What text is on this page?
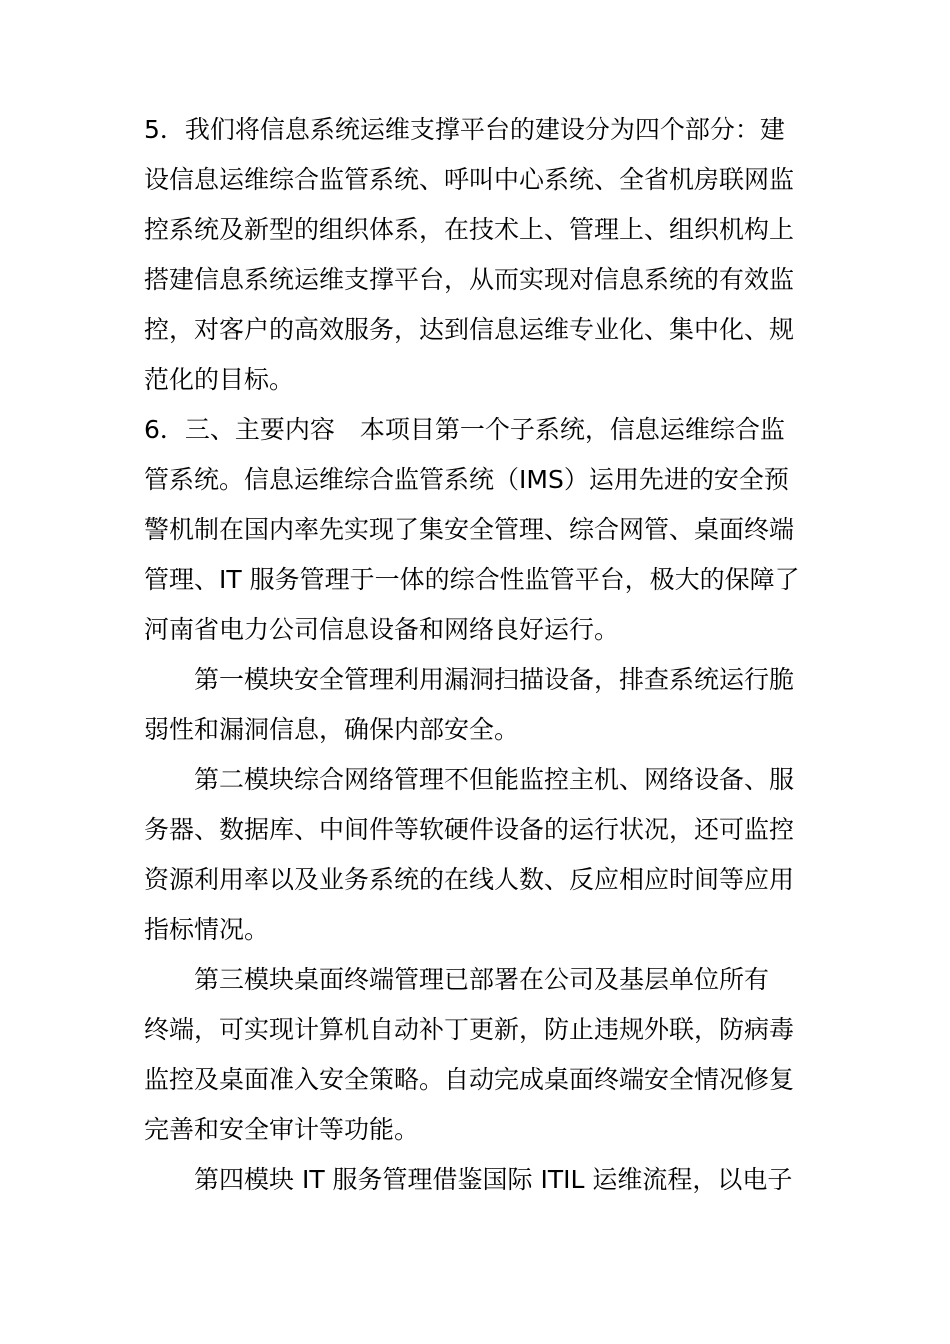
5．我们将信息系统运维支撑平台的建设分为四个部分：建
设信息运维综合监管系统、呼叫中心系统、全省机房联网监
控系统及新型的组织体系，在技术上、管理上、组织机构上
搭建信息系统运维支撑平台，从而实现对信息系统的有效监
控，对客户的高效服务，达到信息运维专业化、集中化、规
范化的目标。
6．三、主要内容　本项目第一个子系统，信息运维综合监
管系统。信息运维综合监管系统（IMS）运用先进的安全预
警机制在国内率先实现了集安全管理、综合网管、桌面终端
管理、IT 服务管理于一体的综合性监管平台，极大的保障了
河南省电力公司信息设备和网络良好运行。
　　第一模块安全管理利用漏洞扫描设备，排查系统运行脆
弱性和漏洞信息，确保内部安全。
　　第二模块综合网络管理不但能监控主机、网络设备、服
务器、数据库、中间件等软硬件设备的运行状况，还可监控
资源利用率以及业务系统的在线人数、反应相应时间等应用
指标情况。
　　第三模块桌面终端管理已部署在公司及基层单位所有
终端，可实现计算机自动补丁更新，防止违规外联，防病毒
监控及桌面准入安全策略。自动完成桌面终端安全情况修复
完善和安全审计等功能。
　　第四模块 IT 服务管理借鉴国际 ITIL 运维流程，以电子
